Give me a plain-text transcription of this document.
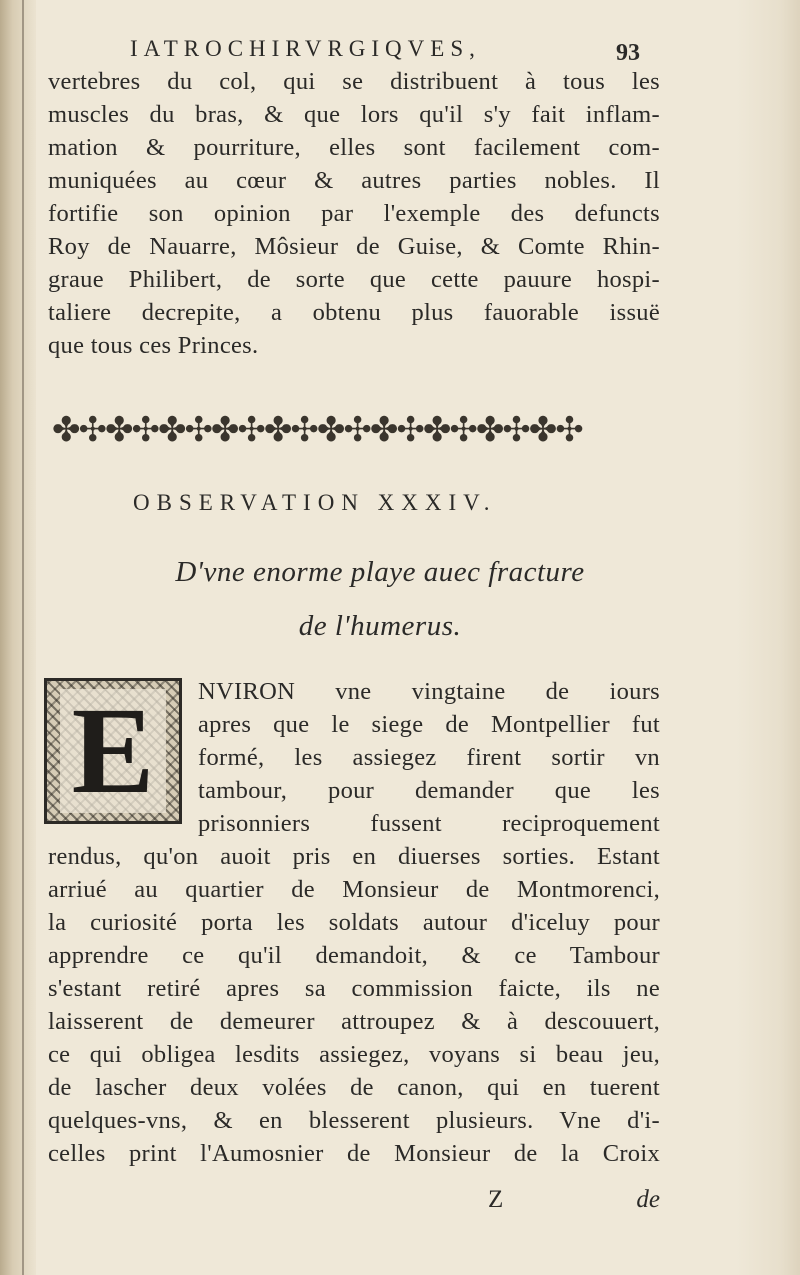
IATROCHIRVRGIQVES,	93
vertebres du col, qui se distribuent à tous les
muscles du bras, & que lors qu'il s'y fait inflam-
mation & pourriture, elles sont facilement com-
muniquées au cœur & autres parties nobles. Il
fortifie son opinion par l'exemple des defuncts
Roy de Nauarre, Môsieur de Guise, & Comte Rhin-
graue Philibert, de sorte que cette pauure hospi-
taliere decrepite, a obtenu plus fauorable issuë
que tous ces Princes.
✤✣✤✣✤✣✤✣✤✣✤✣✤✣✤✣✤✣✤✣
OBSERVATION XXXIV.
D'vne enorme playe auec fracture
de l'humerus.
E	NVIRON vne vingtaine de iours
apres que le siege de Montpellier fut
formé, les assiegez firent sortir vn
tambour, pour demander que les
prisonniers fussent reciproquement
rendus, qu'on auoit pris en diuerses sorties. Estant
arriué au quartier de Monsieur de Montmorenci,
la curiosité porta les soldats autour d'iceluy pour
apprendre ce qu'il demandoit, & ce Tambour
s'estant retiré apres sa commission faicte, ils ne
laisserent de demeurer attroupez & à descouuert,
ce qui obligea lesdits assiegez, voyans si beau jeu,
de lascher deux volées de canon, qui en tuerent
quelques-vns, & en blesserent plusieurs. Vne d'i-
celles print l'Aumosnier de Monsieur de la Croix
Z	de
